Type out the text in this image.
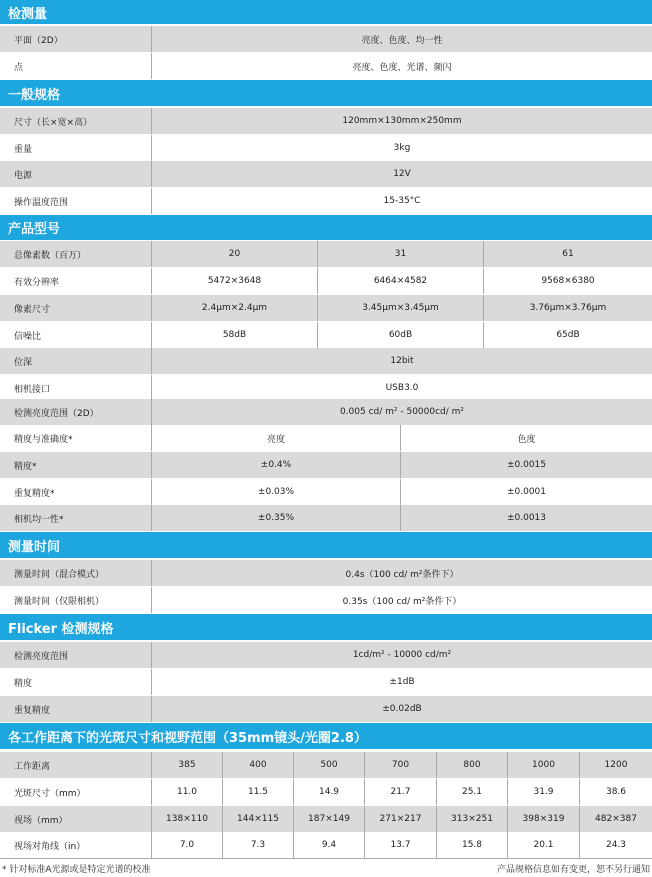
检测量
平面（2D）	亮度、色度、均一性
点	亮度、色度、光谱、频闪
一般规格
尺寸（长×宽×高）	120mm×130mm×250mm
重量	3kg
电源	12V
操作温度范围	15-35°C
产品型号
总像素数（百万）	20	31	61
有效分辨率	5472×3648	6464×4582	9568×6380
像素尺寸	2.4μm×2.4μm	3.45μm×3.45μm	3.76μm×3.76μm
信噪比	58dB	60dB	65dB
位深	12bit
相机接口	USB3.0
检测亮度范围（2D）	0.005 cd/ m² - 50000cd/ m²
精度与准确度*	亮度	色度
精度*	±0.4%	±0.0015
重复精度*	±0.03%	±0.0001
相机均一性*	±0.35%	±0.0013
测量时间
测量时间（混合模式）	0.4s（100 cd/ m²条件下）
测量时间（仅限相机）	0.35s（100 cd/ m²条件下）
Flicker 检测规格
检测亮度范围	1cd/m² - 10000 cd/m²
精度	±1dB
重复精度	±0.02dB
各工作距离下的光斑尺寸和视野范围（35mm镜头/光圈2.8）
工作距离	385	400	500	700	800	1000	1200
光斑尺寸（mm）	11.0	11.5	14.9	21.7	25.1	31.9	38.6
视场（mm）	138×110	144×115	187×149	271×217	313×251	398×319	482×387
视场对角线（in）	7.0	7.3	9.4	13.7	15.8	20.1	24.3
* 针对标准A光源或是特定光谱的校准	产品规格信息如有变更，恕不另行通知
